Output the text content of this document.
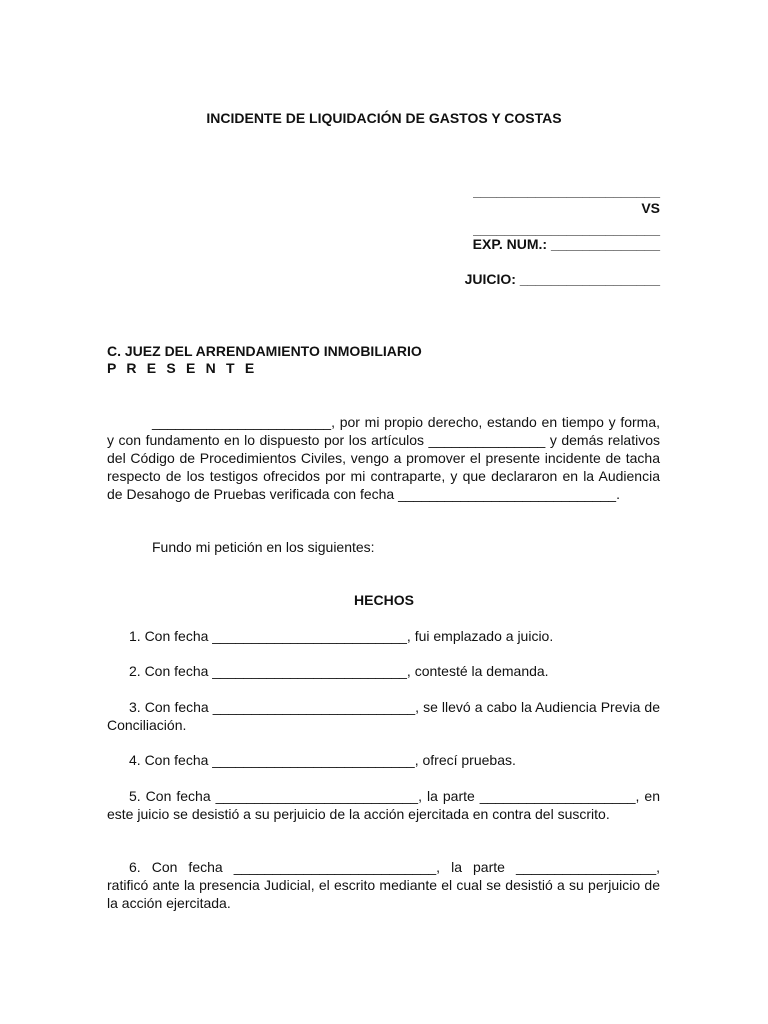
INCIDENTE DE LIQUIDACIÓN DE GASTOS Y COSTAS
________________________
VS
________________________
EXP. NUM.: ______________
JUICIO: __________________
C. JUEZ DEL ARRENDAMIENTO INMOBILIARIO
P R E S E N T E
_______________________, por mi propio derecho, estando en tiempo y forma, y con fundamento en lo dispuesto por los artículos _______________ y demás relativos del Código de Procedimientos Civiles, vengo a promover el presente incidente de tacha respecto de los testigos ofrecidos por mi contraparte, y que declararon en la Audiencia de Desahogo de Pruebas verificada con fecha ____________________________.
Fundo mi petición en los siguientes:
HECHOS
1. Con fecha _________________________, fui emplazado a juicio.
2. Con fecha _________________________, contesté la demanda.
3. Con fecha __________________________, se llevó a cabo la Audiencia Previa de Conciliación.
4. Con fecha __________________________, ofrecí pruebas.
5. Con fecha __________________________, la parte ____________________, en este juicio se desistió a su perjuicio de la acción ejercitada en contra del suscrito.
6. Con fecha __________________________, la parte __________________, ratificó ante la presencia Judicial, el escrito mediante el cual se desistió a su perjuicio de la acción ejercitada.
